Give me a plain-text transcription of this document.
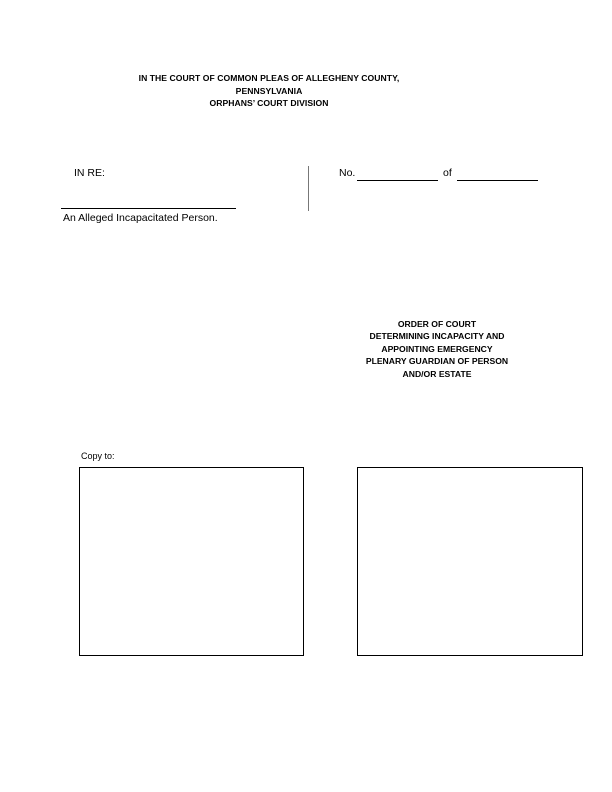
IN THE COURT OF COMMON PLEAS OF ALLEGHENY COUNTY,
PENNSYLVANIA
ORPHANS’ COURT DIVISION
IN RE:
An Alleged Incapacitated Person.
No.	of
ORDER OF COURT
DETERMINING INCAPACITY AND
APPOINTING EMERGENCY
PLENARY GUARDIAN OF PERSON
AND/OR ESTATE
Copy to:
